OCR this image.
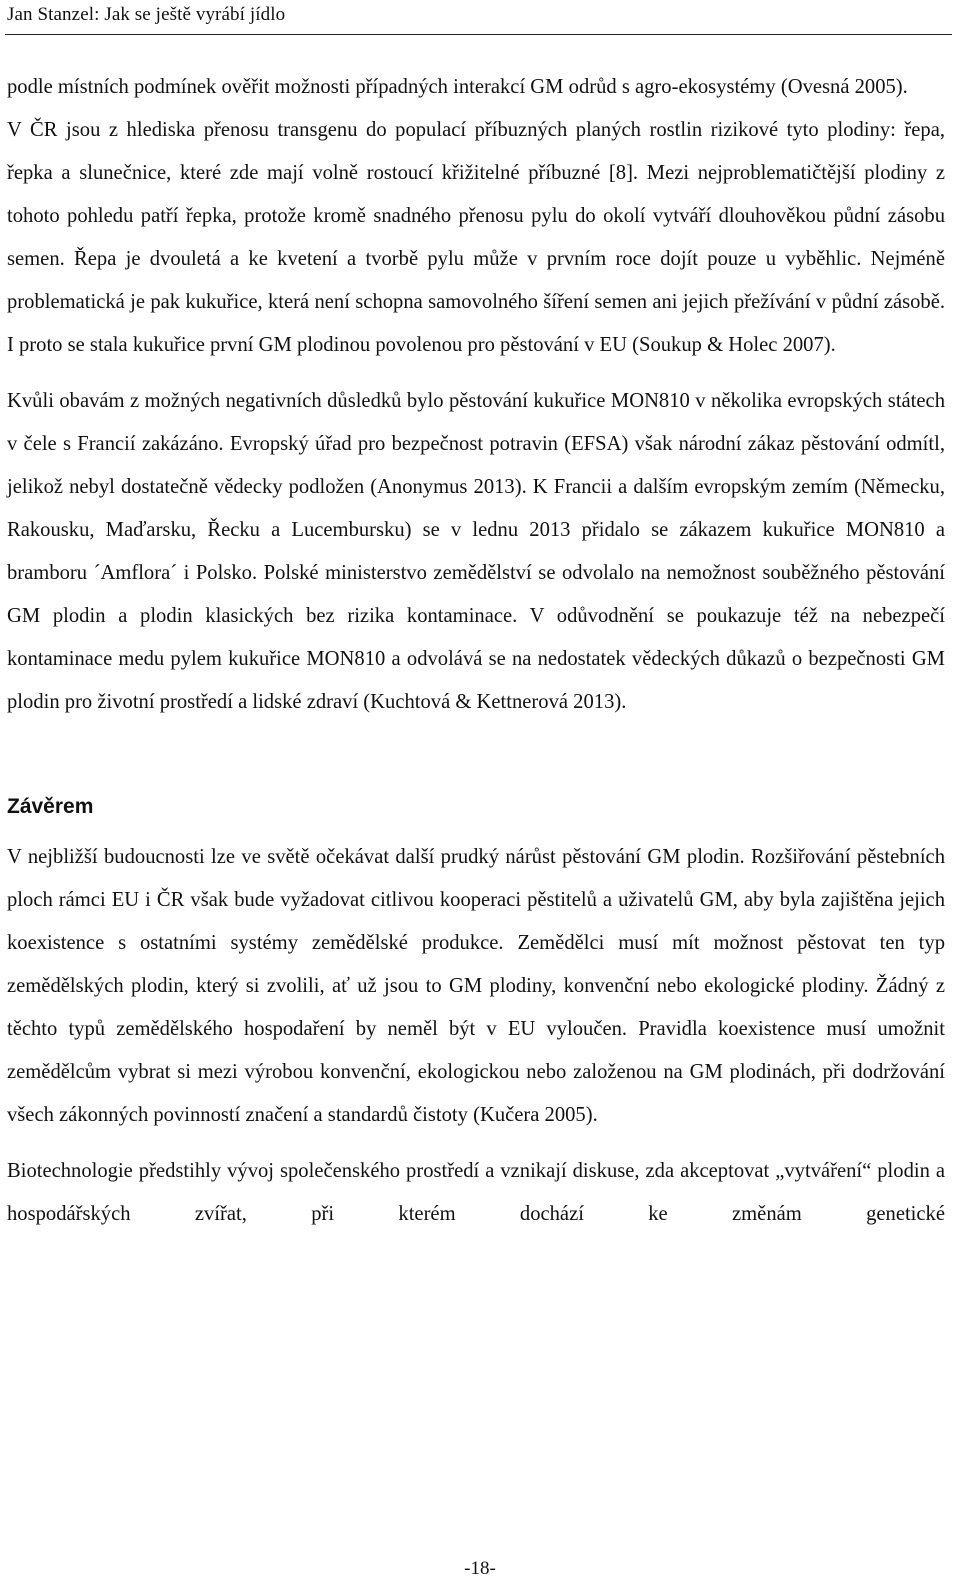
Jan Stanzel: Jak se ještě vyrábí jídlo

podle místních podmínek ověřit možnosti případných interakcí GM odrůd s agro-ekosystémy (Ovesná 2005).

V ČR jsou z hlediska přenosu transgenu do populací příbuzných planých rostlin rizikové tyto plodiny: řepa, řepka a slunečnice, které zde mají volně rostoucí křižitelné příbuzné [8]. Mezi nejproblematičtější plodiny z tohoto pohledu patří řepka, protože kromě snadného přenosu pylu do okolí vytváří dlouhověkou půdní zásobu semen. Řepa je dvouletá a ke kvetení a tvorbě pylu může v prvním roce dojít pouze u vyběhlic. Nejméně problematická je pak kukuřice, která není schopna samovolného šíření semen ani jejich přežívání v půdní zásobě. I proto se stala kukuřice první GM plodinou povolenou pro pěstování v EU (Soukup & Holec 2007).

Kvůli obavám z možných negativních důsledků bylo pěstování kukuřice MON810 v několika evropských státech v čele s Francií zakázáno. Evropský úřad pro bezpečnost potravin (EFSA) však národní zákaz pěstování odmítl, jelikož nebyl dostatečně vědecky podložen (Anonymus 2013). K Francii a dalším evropským zemím (Německu, Rakousku, Maďarsku, Řecku a Lucembursku) se v lednu 2013 přidalo se zákazem kukuřice MON810 a bramboru ´Amflora´ i Polsko. Polské ministerstvo zemědělství se odvolalo na nemožnost souběžného pěstování GM plodin a plodin klasických bez rizika kontaminace. V odůvodnění se poukazuje též na nebezpečí kontaminace medu pylem kukuřice MON810 a odvolává se na nedostatek vědeckých důkazů o bezpečnosti GM plodin pro životní prostředí a lidské zdraví (Kuchtová & Kettnerová 2013).

Závěrem

V nejbližší budoucnosti lze ve světě očekávat další prudký nárůst pěstování GM plodin. Rozšiřování pěstebních ploch rámci EU i ČR však bude vyžadovat citlivou kooperaci pěstitelů a uživatelů GM, aby byla zajištěna jejich koexistence s ostatními systémy zemědělské produkce. Zemědělci musí mít možnost pěstovat ten typ zemědělských plodin, který si zvolili, ať už jsou to GM plodiny, konvenční nebo ekologické plodiny. Žádný z těchto typů zemědělského hospodaření by neměl být v EU vyloučen. Pravidla koexistence musí umožnit zemědělcům vybrat si mezi výrobou konvenční, ekologickou nebo založenou na GM plodinách, při dodržování všech zákonných povinností značení a standardů čistoty (Kučera 2005).

Biotechnologie předstihly vývoj společenského prostředí a vznikají diskuse, zda akceptovat „vytváření“ plodin a hospodářských zvířat, při kterém dochází ke změnám genetické

-18-
